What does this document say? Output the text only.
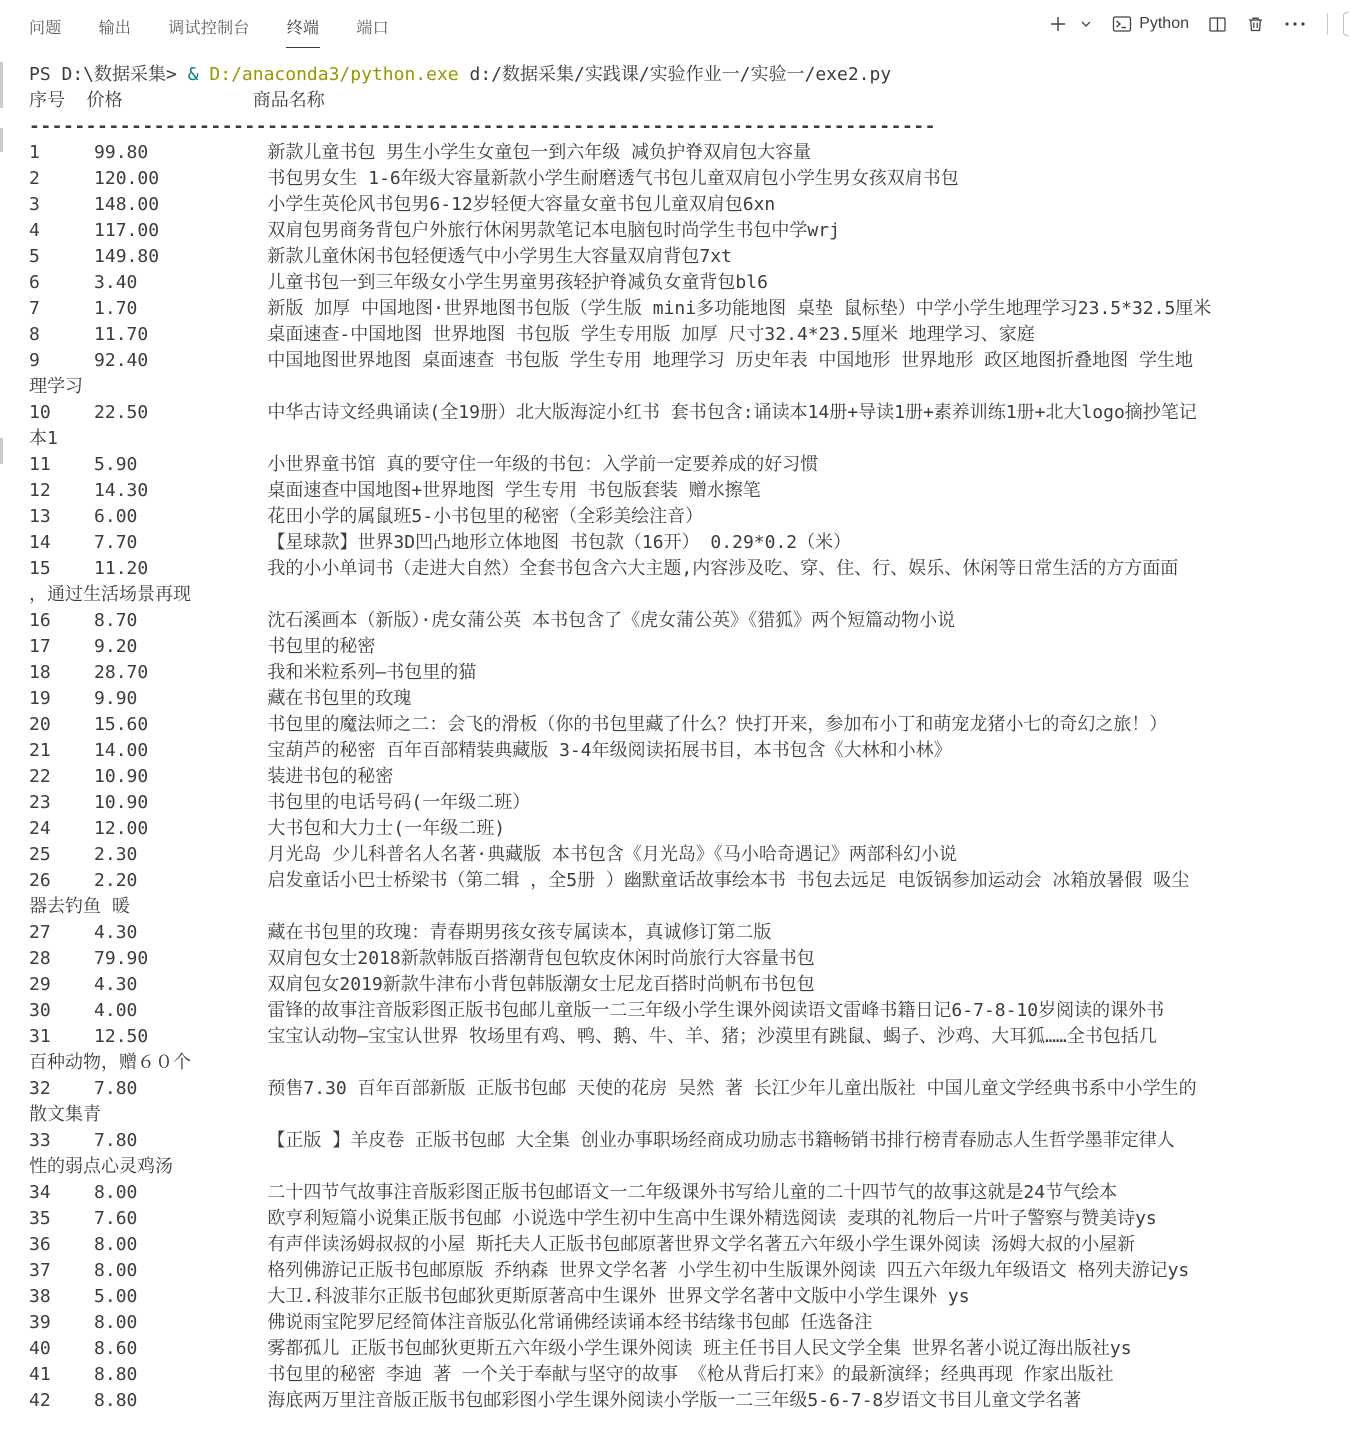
问题 输出 调试控制台 终端 端口	Python
PS D:\数据采集> & D:/anaconda3/python.exe d:/数据采集/实践课/实验作业一/实验一/exe2.py
序号  价格            商品名称
--------------------------------------------------------------------------------
1     99.80           新款儿童书包 男生小学生女童包一到六年级 减负护脊双肩包大容量
2     120.00          书包男女生 1-6年级大容量新款小学生耐磨透气书包儿童双肩包小学生男女孩双肩书包
3     148.00          小学生英伦风书包男6-12岁轻便大容量女童书包儿童双肩包6xn
4     117.00          双肩包男商务背包户外旅行休闲男款笔记本电脑包时尚学生书包中学wrj
5     149.80          新款儿童休闲书包轻便透气中小学男生大容量双肩背包7xt
6     3.40            儿童书包一到三年级女小学生男童男孩轻护脊减负女童背包bl6
7     1.70            新版 加厚 中国地图·世界地图书包版（学生版 mini多功能地图 桌垫 鼠标垫）中学小学生地理学习23.5*32.5厘米
8     11.70           桌面速查-中国地图 世界地图 书包版 学生专用版 加厚 尺寸32.4*23.5厘米 地理学习、家庭
9     92.40           中国地图世界地图 桌面速查 书包版 学生专用 地理学习 历史年表 中国地形 世界地形 政区地图折叠地图 学生地
理学习
10    22.50           中华古诗文经典诵读(全19册）北大版海淀小红书 套书包含:诵读本14册+导读1册+素养训练1册+北大logo摘抄笔记
本1
11    5.90            小世界童书馆 真的要守住一年级的书包：入学前一定要养成的好习惯
12    14.30           桌面速查中国地图+世界地图 学生专用 书包版套装 赠水擦笔
13    6.00            花田小学的属鼠班5-小书包里的秘密（全彩美绘注音）
14    7.70            【星球款】世界3D凹凸地形立体地图 书包款（16开） 0.29*0.2（米）
15    11.20           我的小小单词书（走进大自然）全套书包含六大主题,内容涉及吃、穿、住、行、娱乐、休闲等日常生活的方方面面
，通过生活场景再现
16    8.70            沈石溪画本（新版）·虎女蒲公英 本书包含了《虎女蒲公英》《猎狐》两个短篇动物小说
17    9.20            书包里的秘密
18    28.70           我和米粒系列—书包里的猫
19    9.90            藏在书包里的玫瑰
20    15.60           书包里的魔法师之二：会飞的滑板（你的书包里藏了什么？快打开来，参加布小丁和萌宠龙猪小七的奇幻之旅！）
21    14.00           宝葫芦的秘密 百年百部精装典藏版 3-4年级阅读拓展书目，本书包含《大林和小林》
22    10.90           装进书包的秘密
23    10.90           书包里的电话号码(一年级二班）
24    12.00           大书包和大力士(一年级二班)
25    2.30            月光岛 少儿科普名人名著·典藏版 本书包含《月光岛》《马小哈奇遇记》两部科幻小说
26    2.20            启发童话小巴士桥梁书（第二辑 ，全5册 ）幽默童话故事绘本书 书包去远足 电饭锅参加运动会 冰箱放暑假 吸尘
器去钓鱼 暖
27    4.30            藏在书包里的玫瑰：青春期男孩女孩专属读本，真诚修订第二版
28    79.90           双肩包女士2018新款韩版百搭潮背包包软皮休闲时尚旅行大容量书包
29    4.30            双肩包女2019新款牛津布小背包韩版潮女士尼龙百搭时尚帆布书包包
30    4.00            雷锋的故事注音版彩图正版书包邮儿童版一二三年级小学生课外阅读语文雷峰书籍日记6-7-8-10岁阅读的课外书
31    12.50           宝宝认动物—宝宝认世界 牧场里有鸡、鸭、鹅、牛、羊、猪；沙漠里有跳鼠、蝎子、沙鸡、大耳狐……全书包括几
百种动物，赠６０个
32    7.80            预售7.30 百年百部新版 正版书包邮 天使的花房 吴然 著 长江少年儿童出版社 中国儿童文学经典书系中小学生的
散文集青
33    7.80            【正版 】羊皮卷 正版书包邮 大全集 创业办事职场经商成功励志书籍畅销书排行榜青春励志人生哲学墨菲定律人
性的弱点心灵鸡汤
34    8.00            二十四节气故事注音版彩图正版书包邮语文一二年级课外书写给儿童的二十四节气的故事这就是24节气绘本
35    7.60            欧亨利短篇小说集正版书包邮 小说选中学生初中生高中生课外精选阅读 麦琪的礼物后一片叶子警察与赞美诗ys
36    8.00            有声伴读汤姆叔叔的小屋 斯托夫人正版书包邮原著世界文学名著五六年级小学生课外阅读 汤姆大叔的小屋新
37    8.00            格列佛游记正版书包邮原版 乔纳森 世界文学名著 小学生初中生版课外阅读 四五六年级九年级语文 格列夫游记ys
38    5.00            大卫.科波菲尔正版书包邮狄更斯原著高中生课外 世界文学名著中文版中小学生课外 ys
39    8.00            佛说雨宝陀罗尼经简体注音版弘化常诵佛经读诵本经书结缘书包邮 任选备注
40    8.60            雾都孤儿 正版书包邮狄更斯五六年级小学生课外阅读 班主任书目人民文学全集 世界名著小说辽海出版社ys
41    8.80            书包里的秘密 李迪 著 一个关于奉献与坚守的故事 《枪从背后打来》的最新演绎；经典再现 作家出版社
42    8.80            海底两万里注音版正版书包邮彩图小学生课外阅读小学版一二三年级5-6-7-8岁语文书目儿童文学名著
